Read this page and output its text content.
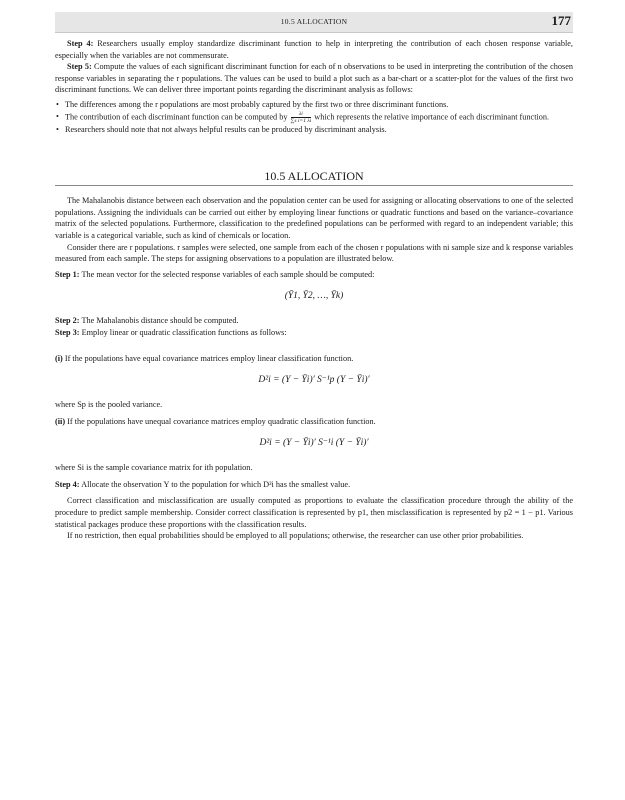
10.5 ALLOCATION	177

Step 4: Researchers usually employ standardize discriminant function to help in interpreting the contribution of each chosen response variable, especially when the variables are not commensurate.

Step 5: Compute the values of each significant discriminant function for each of n observations to be used in interpreting the contribution of the chosen response variables in separating the r populations. The values can be used to build a plot such as a bar-chart or a scatter-plot for the values of the first two discriminant functions. We can deliver three important points regarding the discriminant analysis as follows:

• The differences among the r populations are most probably captured by the first two or three discriminant functions.
• The contribution of each discriminant function can be computed by $\frac{\lambda i}{\text{∑s i=1 λi}}$ which represents the relative importance of each discriminant function.
• Researchers should note that not always helpful results can be produced by discriminant analysis.
10.5 ALLOCATION

The Mahalanobis distance between each observation and the population center can be used for assigning or allocating observations to one of the selected populations. Assigning the individuals can be carried out either by employing linear functions or quadratic functions and based on the variance–covariance matrix of the selected populations. Furthermore, classification to the predefined populations can be performed with regard to an independent variable; this variable is a categorical variable, such as kind of chemicals or location.

Consider there are r populations. r samples were selected, one sample from each of the chosen r populations with ni sample size and k response variables measured from each sample. The steps for assigning observations to a population are illustrated below.

Step 1: The mean vector for the selected response variables of each sample should be computed:

(Ȳ1, Ȳ2, …, Ȳk)

Step 2: The Mahalanobis distance should be computed.

Step 3: Employ linear or quadratic classification functions as follows:

(i) If the populations have equal covariance matrices employ linear classification function.

D²i = (Y − Ȳi)′ S⁻¹p (Y − Ȳi)′

where Sp is the pooled variance.

(ii) If the populations have unequal covariance matrices employ quadratic classification function.

D²i = (Y − Ȳi)′ S⁻¹i (Y − Ȳi)′

where Si is the sample covariance matrix for ith population.

Step 4: Allocate the observation Y to the population for which D²i has the smallest value.

Correct classification and misclassification are usually computed as proportions to evaluate the classification procedure through the ability of the procedure to predict sample membership. Consider correct classification is represented by p1, then misclassification is represented by p2 = 1 − p1. Various statistical packages produce these proportions with the classification results.

If no restriction, then equal probabilities should be employed to all populations; otherwise, the researcher can use other prior probabilities.
